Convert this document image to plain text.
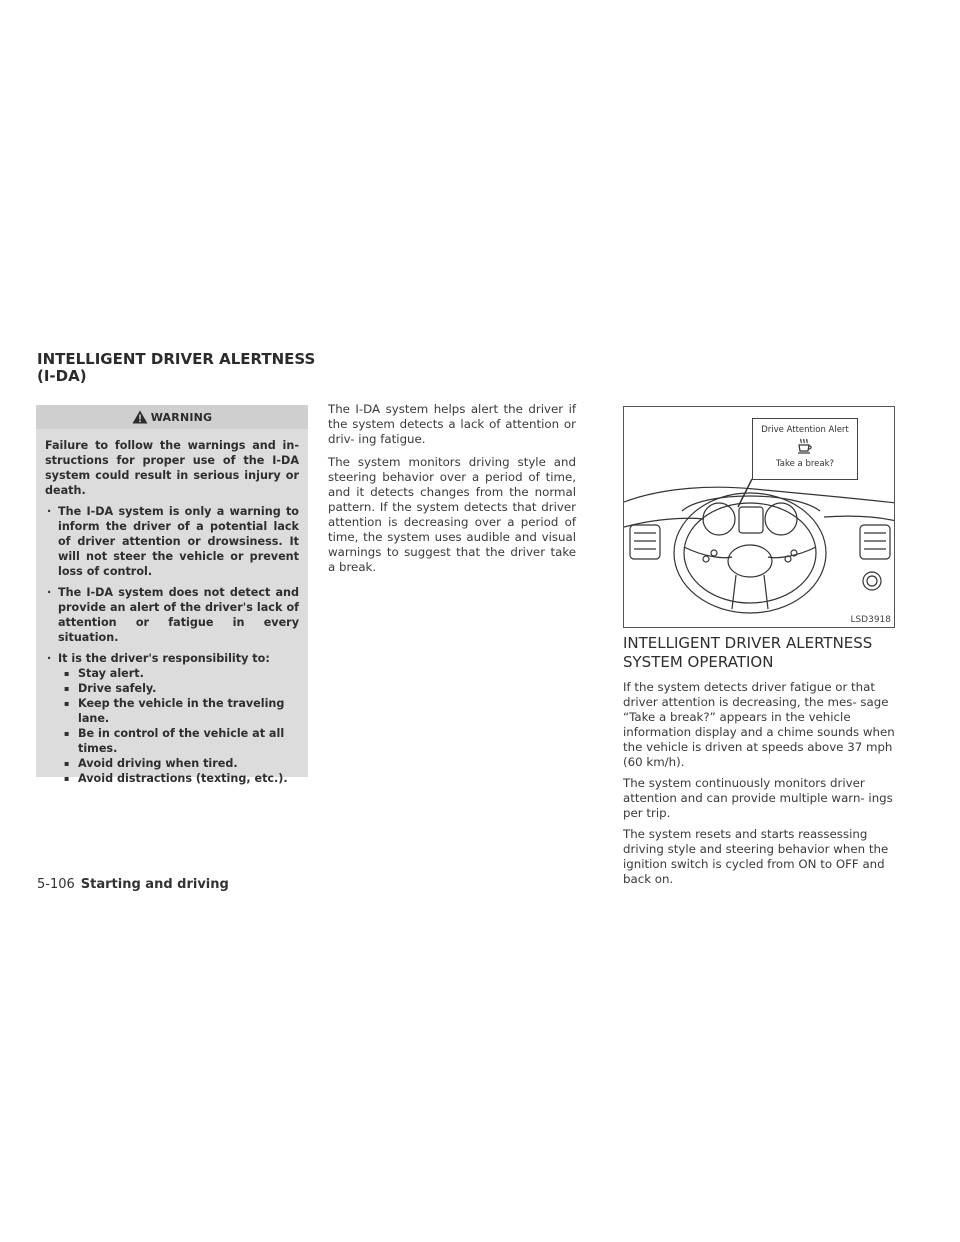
INTELLIGENT DRIVER ALERTNESS
(I-DA)
WARNING

Failure to follow the warnings and in- structions for proper use of the I-DA system could result in serious injury or death.

· The I-DA system is only a warning to inform the driver of a potential lack of driver attention or drowsiness. It will not steer the vehicle or prevent loss of control.
· The I-DA system does not detect and provide an alert of the driver's lack of attention or fatigue in every situation.
· It is the driver's responsibility to:
▪ Stay alert.
▪ Drive safely.
▪ Keep the vehicle in the traveling lane.
▪ Be in control of the vehicle at all times.
▪ Avoid driving when tired.
▪ Avoid distractions (texting, etc.).

The I-DA system helps alert the driver if the system detects a lack of attention or driv- ing fatigue.

The system monitors driving style and steering behavior over a period of time, and it detects changes from the normal pattern. If the system detects that driver attention is decreasing over a period of time, the system uses audible and visual warnings to suggest that the driver take a break.

Drive Attention Alert
Take a break?
LSD3918
INTELLIGENT DRIVER ALERTNESS
SYSTEM OPERATION

If the system detects driver fatigue or that driver attention is decreasing, the mes- sage “Take a break?” appears in the vehicle information display and a chime sounds when the vehicle is driven at speeds above 37 mph (60 km/h).

The system continuously monitors driver attention and can provide multiple warn- ings per trip.

The system resets and starts reassessing driving style and steering behavior when the ignition switch is cycled from ON to OFF and back on.

5-106 Starting and driving
